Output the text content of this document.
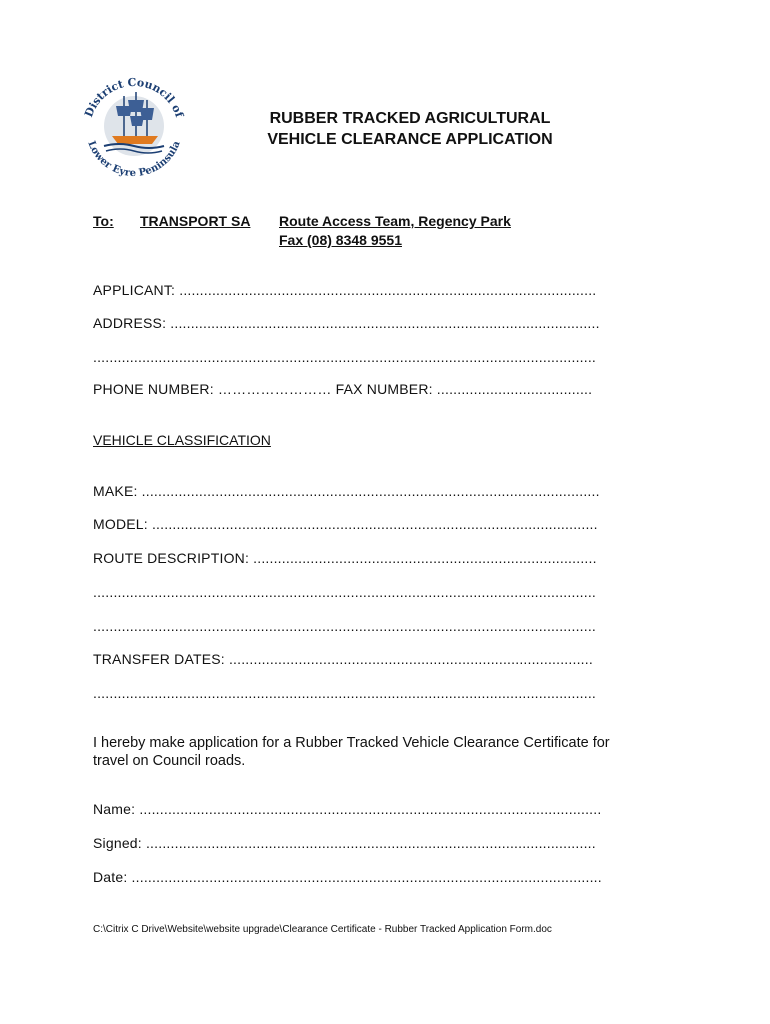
District Council of
Lower Eyre Peninsula
RUBBER TRACKED AGRICULTURAL
VEHICLE CLEARANCE APPLICATION
To: TRANSPORT SA Route Access Team, Regency Park
Fax (08) 8348 9551
APPLICANT: ......................................................................................................
ADDRESS: .........................................................................................................
...........................................................................................................................
PHONE NUMBER: …………………… FAX NUMBER: ......................................
VEHICLE CLASSIFICATION
MAKE: ................................................................................................................
MODEL: .............................................................................................................
ROUTE DESCRIPTION: ....................................................................................
...........................................................................................................................
...........................................................................................................................
TRANSFER DATES: .........................................................................................
...........................................................................................................................
I hereby make application for a Rubber Tracked Vehicle Clearance Certificate for
travel on Council roads.
Name: .................................................................................................................
Signed: ..............................................................................................................
Date: ...................................................................................................................
C:\Citrix C Drive\Website\website upgrade\Clearance Certificate - Rubber Tracked Application Form.doc
